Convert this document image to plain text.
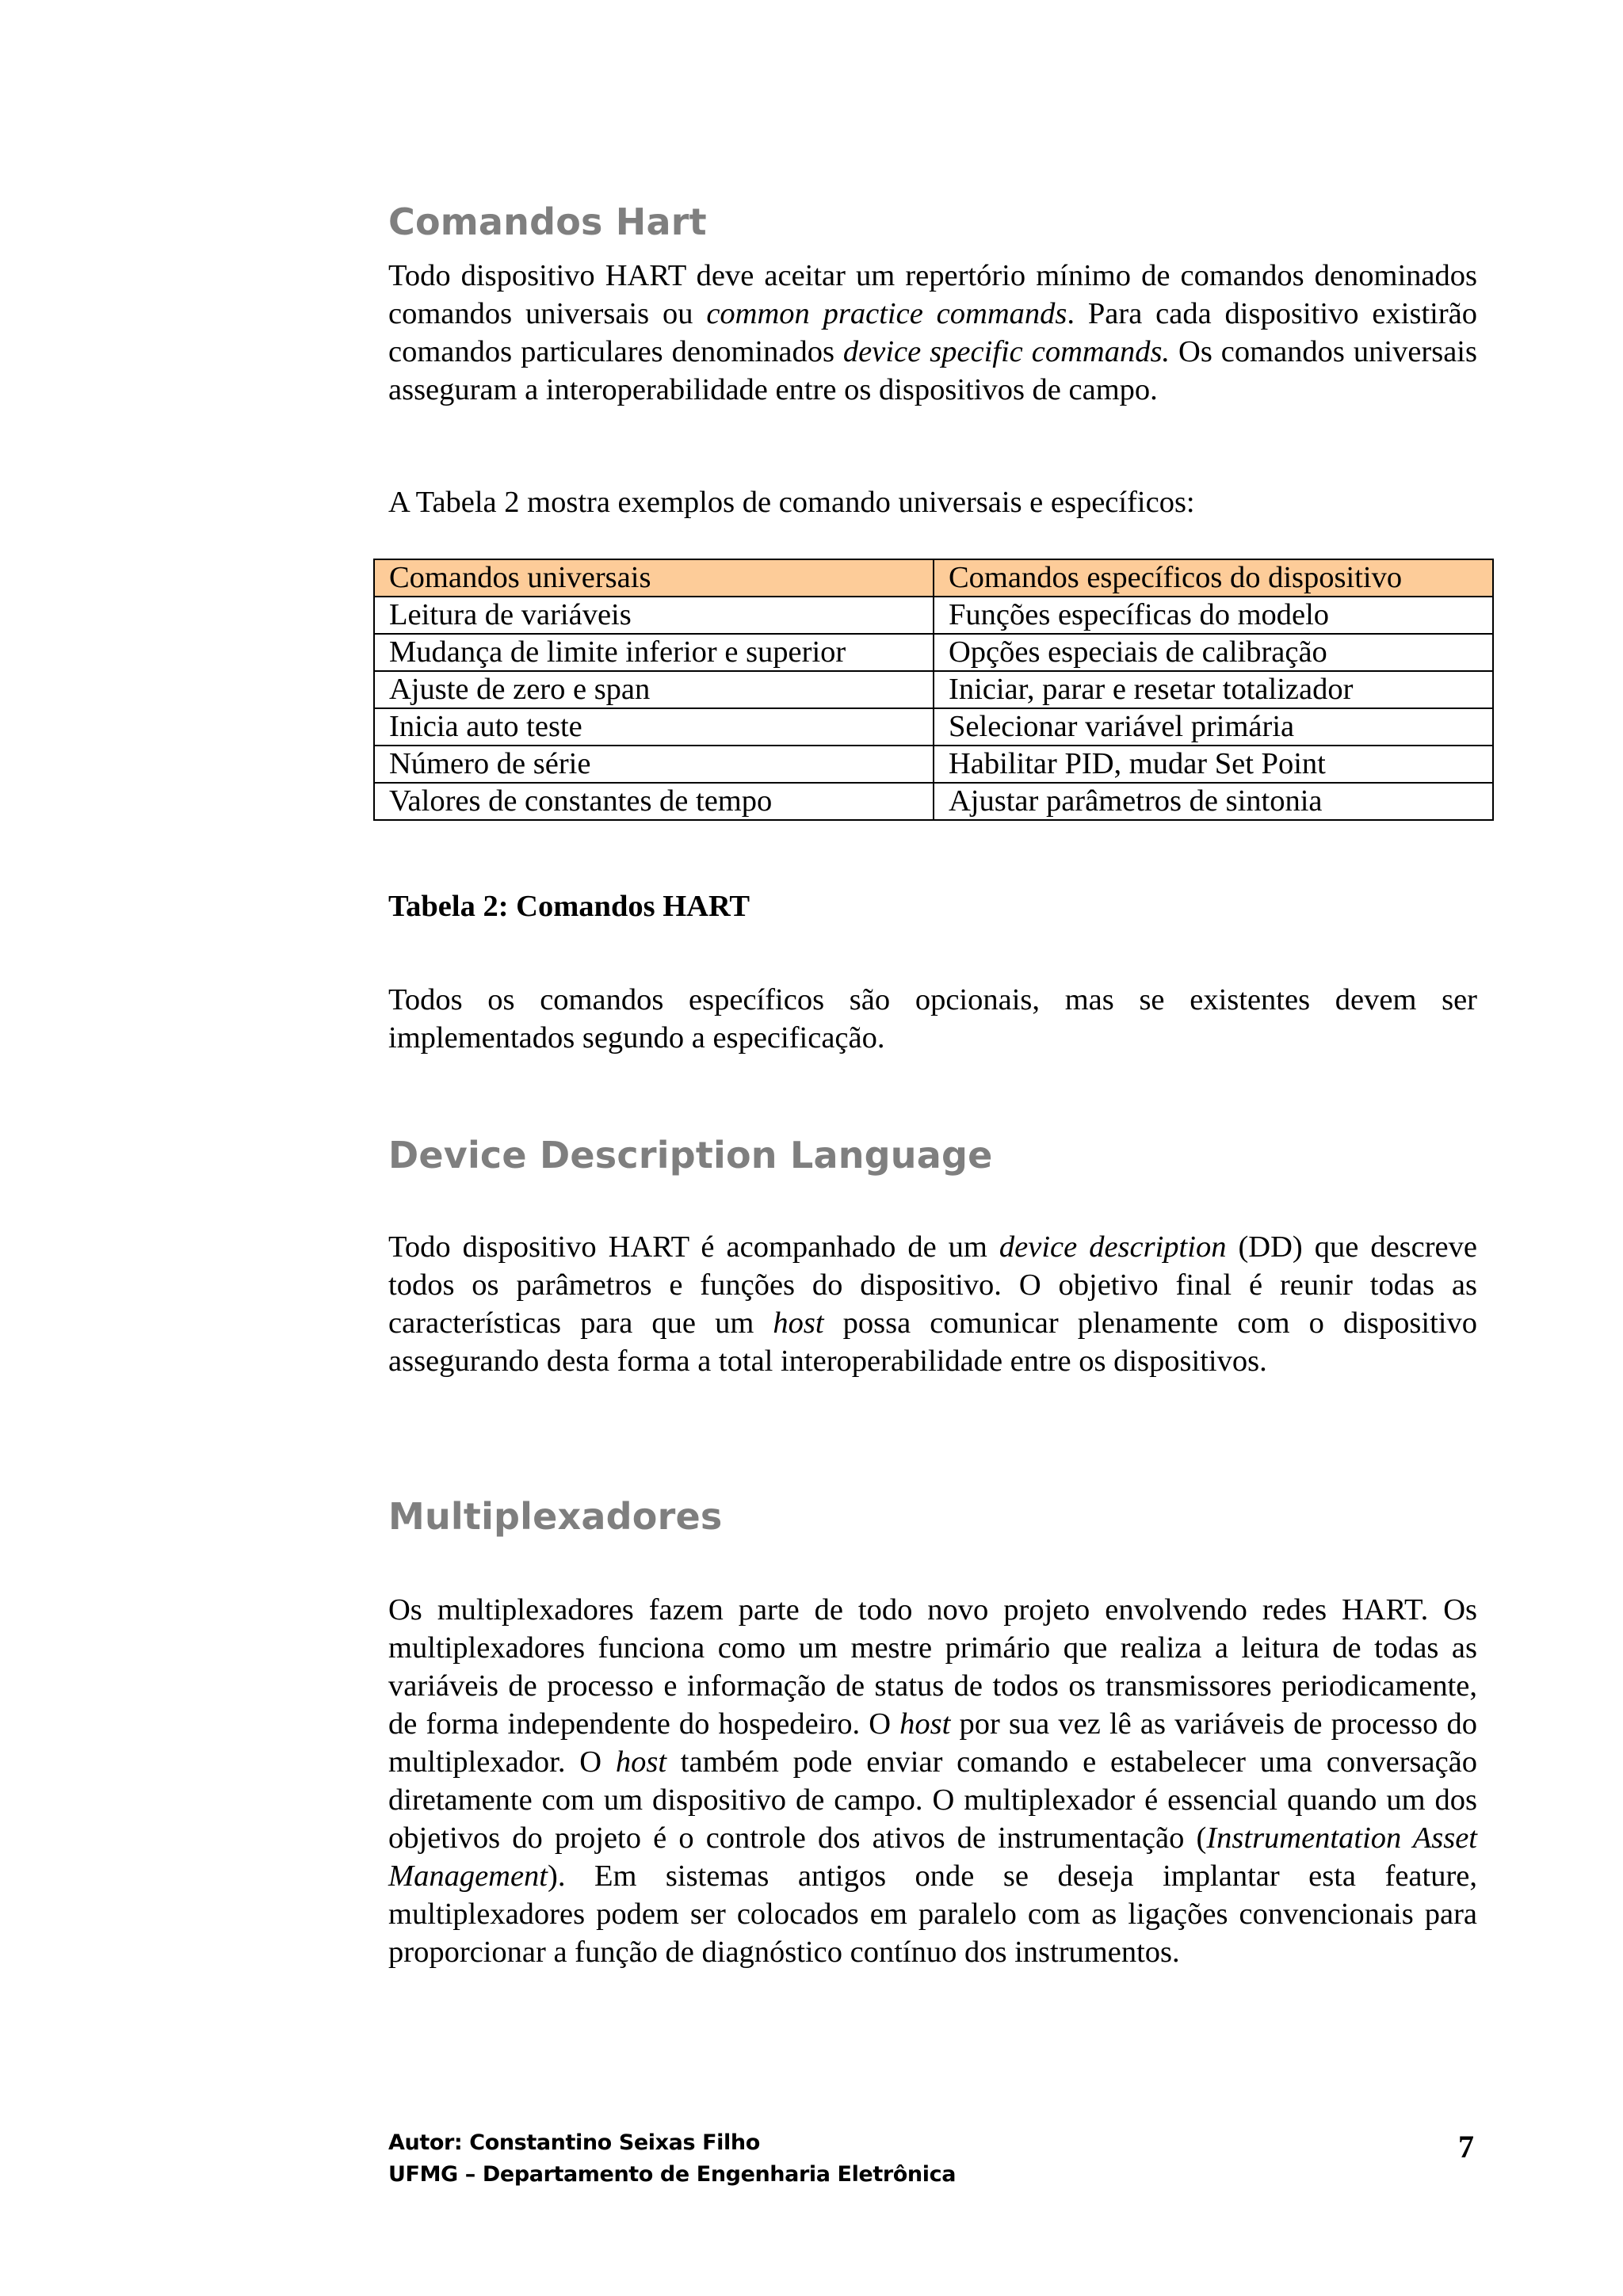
Comandos Hart

Todo dispositivo HART deve aceitar um repertório mínimo de comandos denominados comandos universais ou common practice commands. Para cada dispositivo existirão comandos particulares denominados device specific commands. Os comandos universais asseguram a interoperabilidade entre os dispositivos de campo.

A Tabela 2 mostra exemplos de comando universais e específicos:

Comandos universais	Comandos específicos do dispositivo
Leitura de variáveis	Funções específicas do modelo
Mudança de limite inferior e superior	Opções especiais de calibração
Ajuste de zero e span	Iniciar, parar e resetar totalizador
Inicia auto teste	Selecionar variável primária
Número de série	Habilitar PID, mudar Set Point
Valores de constantes de tempo	Ajustar parâmetros de sintonia
Tabela 2: Comandos HART

Todos os comandos específicos são opcionais, mas se existentes devem ser implementados segundo a especificação.

Device Description Language

Todo dispositivo HART é acompanhado de um device description (DD) que descreve todos os parâmetros e funções do dispositivo. O objetivo final é reunir todas as características para que um host possa comunicar plenamente com o dispositivo assegurando desta forma a total interoperabilidade entre os dispositivos.

Multiplexadores

Os multiplexadores fazem parte de todo novo projeto envolvendo redes HART. Os multiplexadores funciona como um mestre primário que realiza a leitura de todas as variáveis de processo e informação de status de todos os transmissores periodicamente, de forma independente do hospedeiro. O host por sua vez lê as variáveis de processo do multiplexador. O host também pode enviar comando e estabelecer uma conversação diretamente com um dispositivo de campo. O multiplexador é essencial quando um dos objetivos do projeto é o controle dos ativos de instrumentação (Instrumentation Asset Management). Em sistemas antigos onde se deseja implantar esta feature, multiplexadores podem ser colocados em paralelo com as ligações convencionais para proporcionar a função de diagnóstico contínuo dos instrumentos.

Autor: Constantino Seixas Filho
UFMG – Departamento de Engenharia Eletrônica
7
